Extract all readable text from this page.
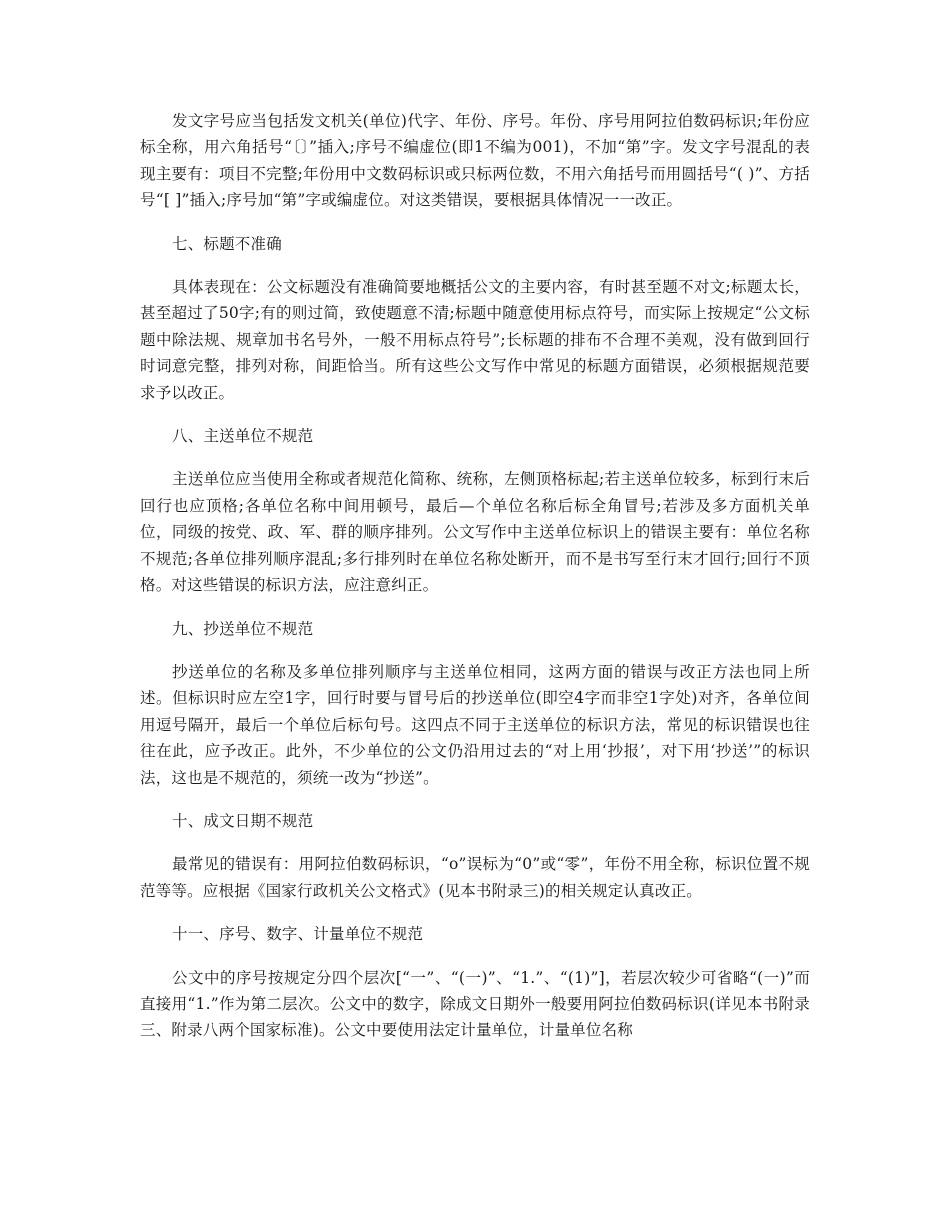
发文字号应当包括发文机关(单位)代字、年份、序号。年份、序号用阿拉伯数码标识;年份应标全称，用六角括号“〔〕”插入;序号不编虚位(即1不编为001)，不加“第”字。发文字号混乱的表现主要有：项目不完整;年份用中文数码标识或只标两位数，不用六角括号而用圆括号“( )”、方括号“[ ]”插入;序号加“第”字或编虚位。对这类错误，要根据具体情况一一改正。

七、标题不准确

具体表现在：公文标题没有准确简要地概括公文的主要内容，有时甚至题不对文;标题太长，甚至超过了50字;有的则过简，致使题意不清;标题中随意使用标点符号，而实际上按规定“公文标题中除法规、规章加书名号外，一般不用标点符号”;长标题的排布不合理不美观，没有做到回行时词意完整，排列对称，间距恰当。所有这些公文写作中常见的标题方面错误，必须根据规范要求予以改正。

八、主送单位不规范

主送单位应当使用全称或者规范化简称、统称，左侧顶格标起;若主送单位较多，标到行末后回行也应顶格;各单位名称中间用顿号，最后—个单位名称后标全角冒号;若涉及多方面机关单位，同级的按党、政、军、群的顺序排列。公文写作中主送单位标识上的错误主要有：单位名称不规范;各单位排列顺序混乱;多行排列时在单位名称处断开，而不是书写至行末才回行;回行不顶格。对这些错误的标识方法，应注意纠正。

九、抄送单位不规范

抄送单位的名称及多单位排列顺序与主送单位相同，这两方面的错误与改正方法也同上所述。但标识时应左空1字，回行时要与冒号后的抄送单位(即空4字而非空1字处)对齐，各单位间用逗号隔开，最后一个单位后标句号。这四点不同于主送单位的标识方法，常见的标识错误也往往在此，应予改正。此外，不少单位的公文仍沿用过去的“对上用‘抄报’，对下用‘抄送’”的标识法，这也是不规范的，须统一改为“抄送”。

十、成文日期不规范

最常见的错误有：用阿拉伯数码标识，“o”误标为“0”或“零”，年份不用全称，标识位置不规范等等。应根据《国家行政机关公文格式》(见本书附录三)的相关规定认真改正。

十一、序号、数字、计量单位不规范

公文中的序号按规定分四个层次[“一”、“(一)”、“1.”、“(1)”]，若层次较少可省略“(一)”而直接用“1.”作为第二层次。公文中的数字，除成文日期外一般要用阿拉伯数码标识(详见本书附录三、附录八两个国家标准)。公文中要使用法定计量单位，计量单位名称
